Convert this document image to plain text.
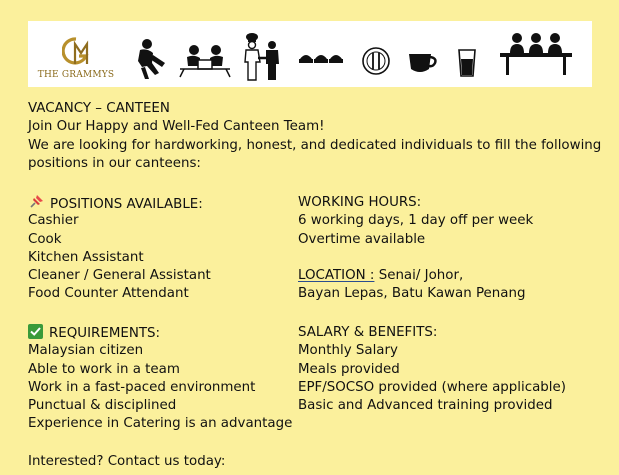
THE GRAMMYS
VACANCY – CANTEEN
Join Our Happy and Well-Fed Canteen Team!
We are looking for hardworking, honest, and dedicated individuals to fill the following
positions in our canteens:
POSITIONS AVAILABLE:
Cashier
Cook
Kitchen Assistant
Cleaner / General Assistant
Food Counter Attendant
WORKING HOURS:
6 working days, 1 day off per week
Overtime available
LOCATION : Senai/ Johor,
Bayan Lepas, Batu Kawan Penang
REQUIREMENTS:
Malaysian citizen
Able to work in a team
Work in a fast-paced environment
Punctual & disciplined
Experience in Catering is an advantage
SALARY & BENEFITS:
Monthly Salary
Meals provided
EPF/SOCSO provided (where applicable)
Basic and Advanced training provided
Interested? Contact us today:
